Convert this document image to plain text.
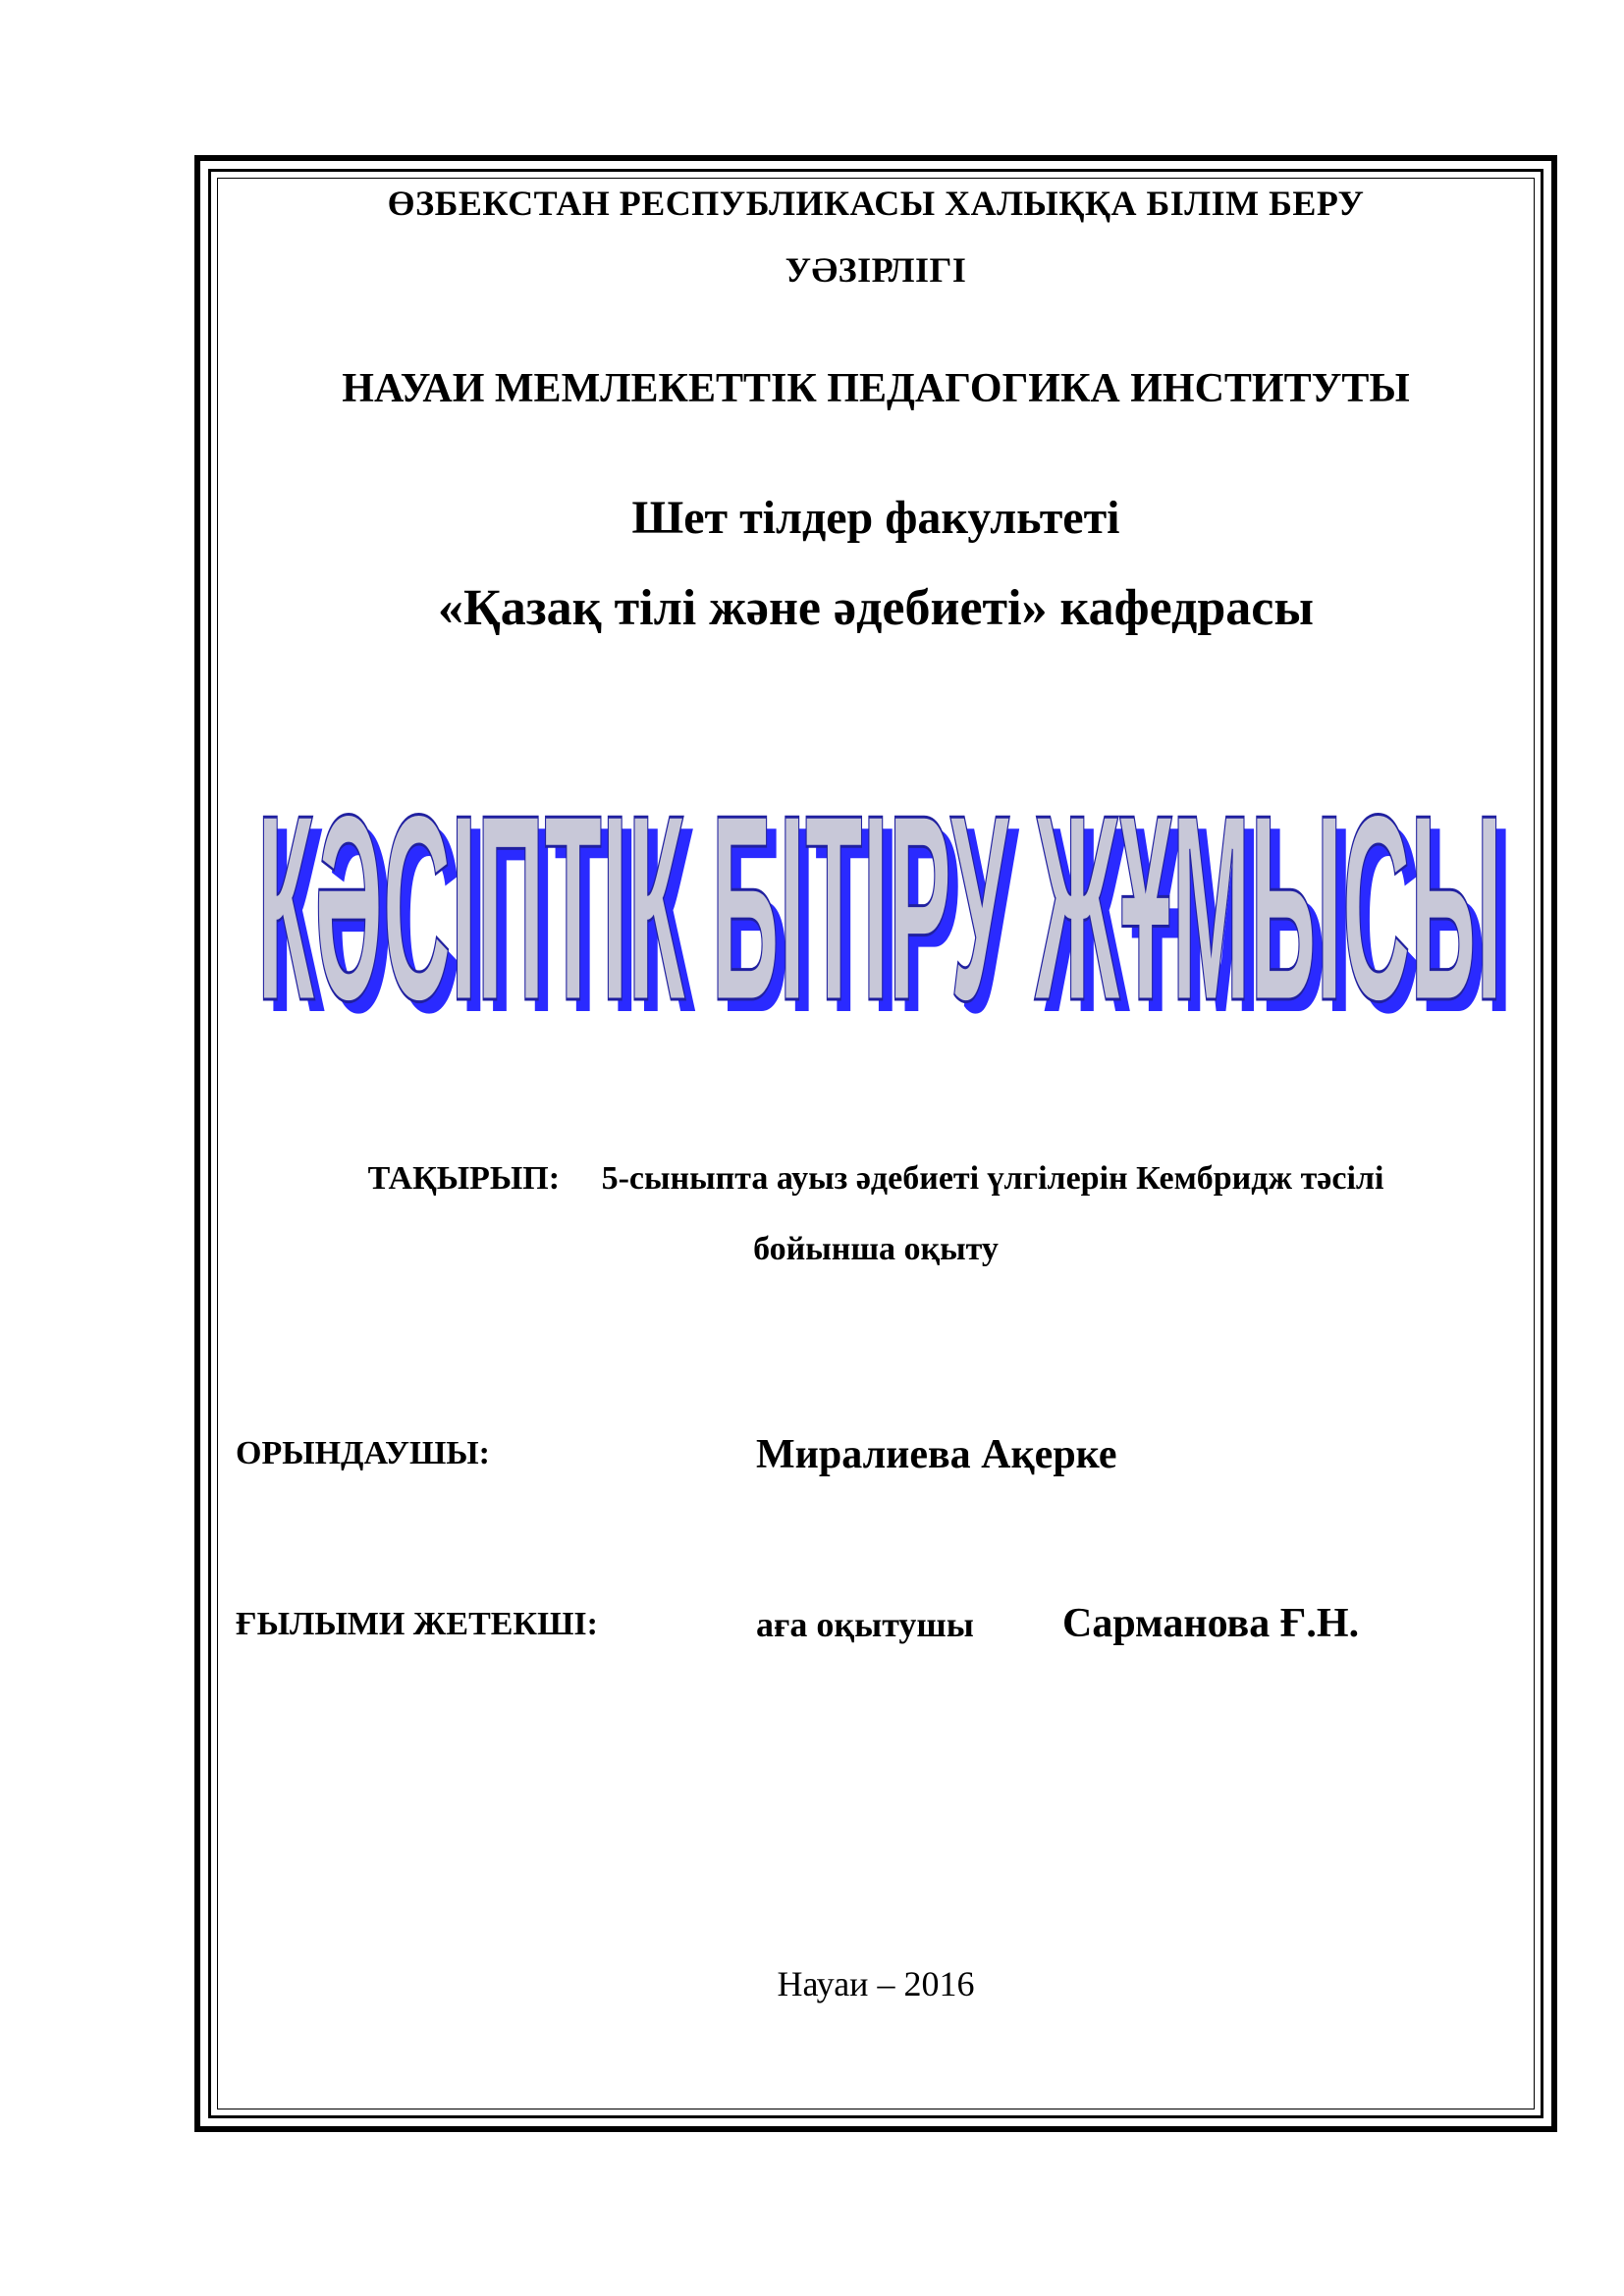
ӨЗБЕКСТАН РЕСПУБЛИКАСЫ ХАЛЫҚҚА БІЛІМ БЕРУ
УӘЗІРЛІГІ
НАУАИ МЕМЛЕКЕТТІК ПЕДАГОГИКА ИНСТИТУТЫ
Шет тілдер факультеті
«Қазақ тілі және әдебиеті» кафедрасы
КӘСІПТІК БІТІРУ ЖҰМЫСЫ
КӘСІПТІК БІТІРУ ЖҰМЫСЫ
ТАҚЫРЫП: 5-сыныпта ауыз әдебиеті үлгілерін Кембридж тәсілі
бойынша оқыту
ОРЫНДАУШЫ:	Миралиева Ақерке
ҒЫЛЫМИ ЖЕТЕКШІ:	аға оқытушы Сарманова Ғ.Н.
Науаи – 2016
